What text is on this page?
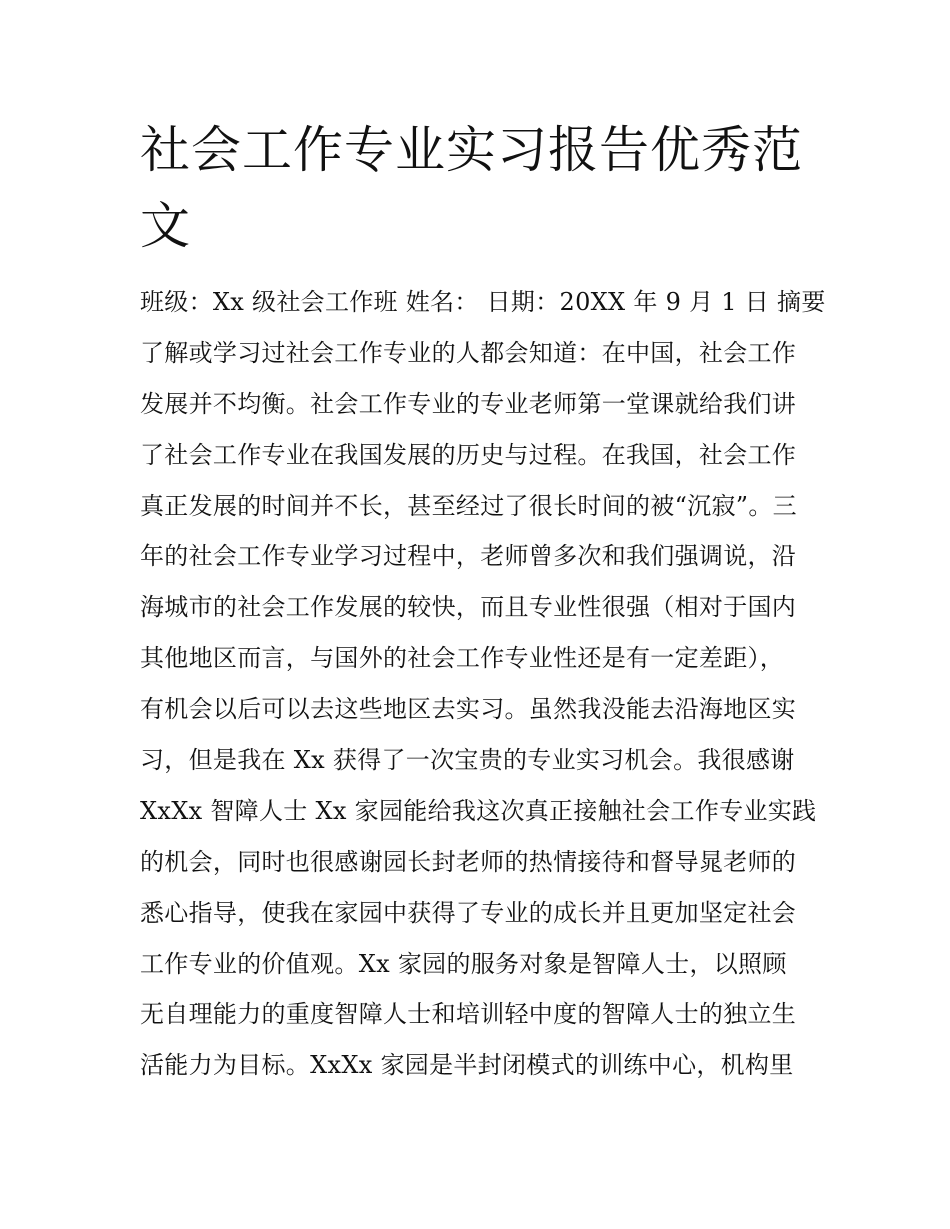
社会工作专业实习报告优秀范
文
班级：Xx 级社会工作班 姓名： 日期：20XX 年 9 月 1 日 摘要
了解或学习过社会工作专业的人都会知道：在中国，社会工作
发展并不均衡。社会工作专业的专业老师第一堂课就给我们讲
了社会工作专业在我国发展的历史与过程。在我国，社会工作
真正发展的时间并不长，甚至经过了很长时间的被“沉寂”。三
年的社会工作专业学习过程中，老师曾多次和我们强调说，沿
海城市的社会工作发展的较快，而且专业性很强（相对于国内
其他地区而言，与国外的社会工作专业性还是有一定差距），
有机会以后可以去这些地区去实习。虽然我没能去沿海地区实
习，但是我在 Xx 获得了一次宝贵的专业实习机会。我很感谢
XxXx 智障人士 Xx 家园能给我这次真正接触社会工作专业实践
的机会，同时也很感谢园长封老师的热情接待和督导晁老师的
悉心指导，使我在家园中获得了专业的成长并且更加坚定社会
工作专业的价值观。Xx 家园的服务对象是智障人士，以照顾
无自理能力的重度智障人士和培训轻中度的智障人士的独立生
活能力为目标。XxXx 家园是半封闭模式的训练中心，机构里
